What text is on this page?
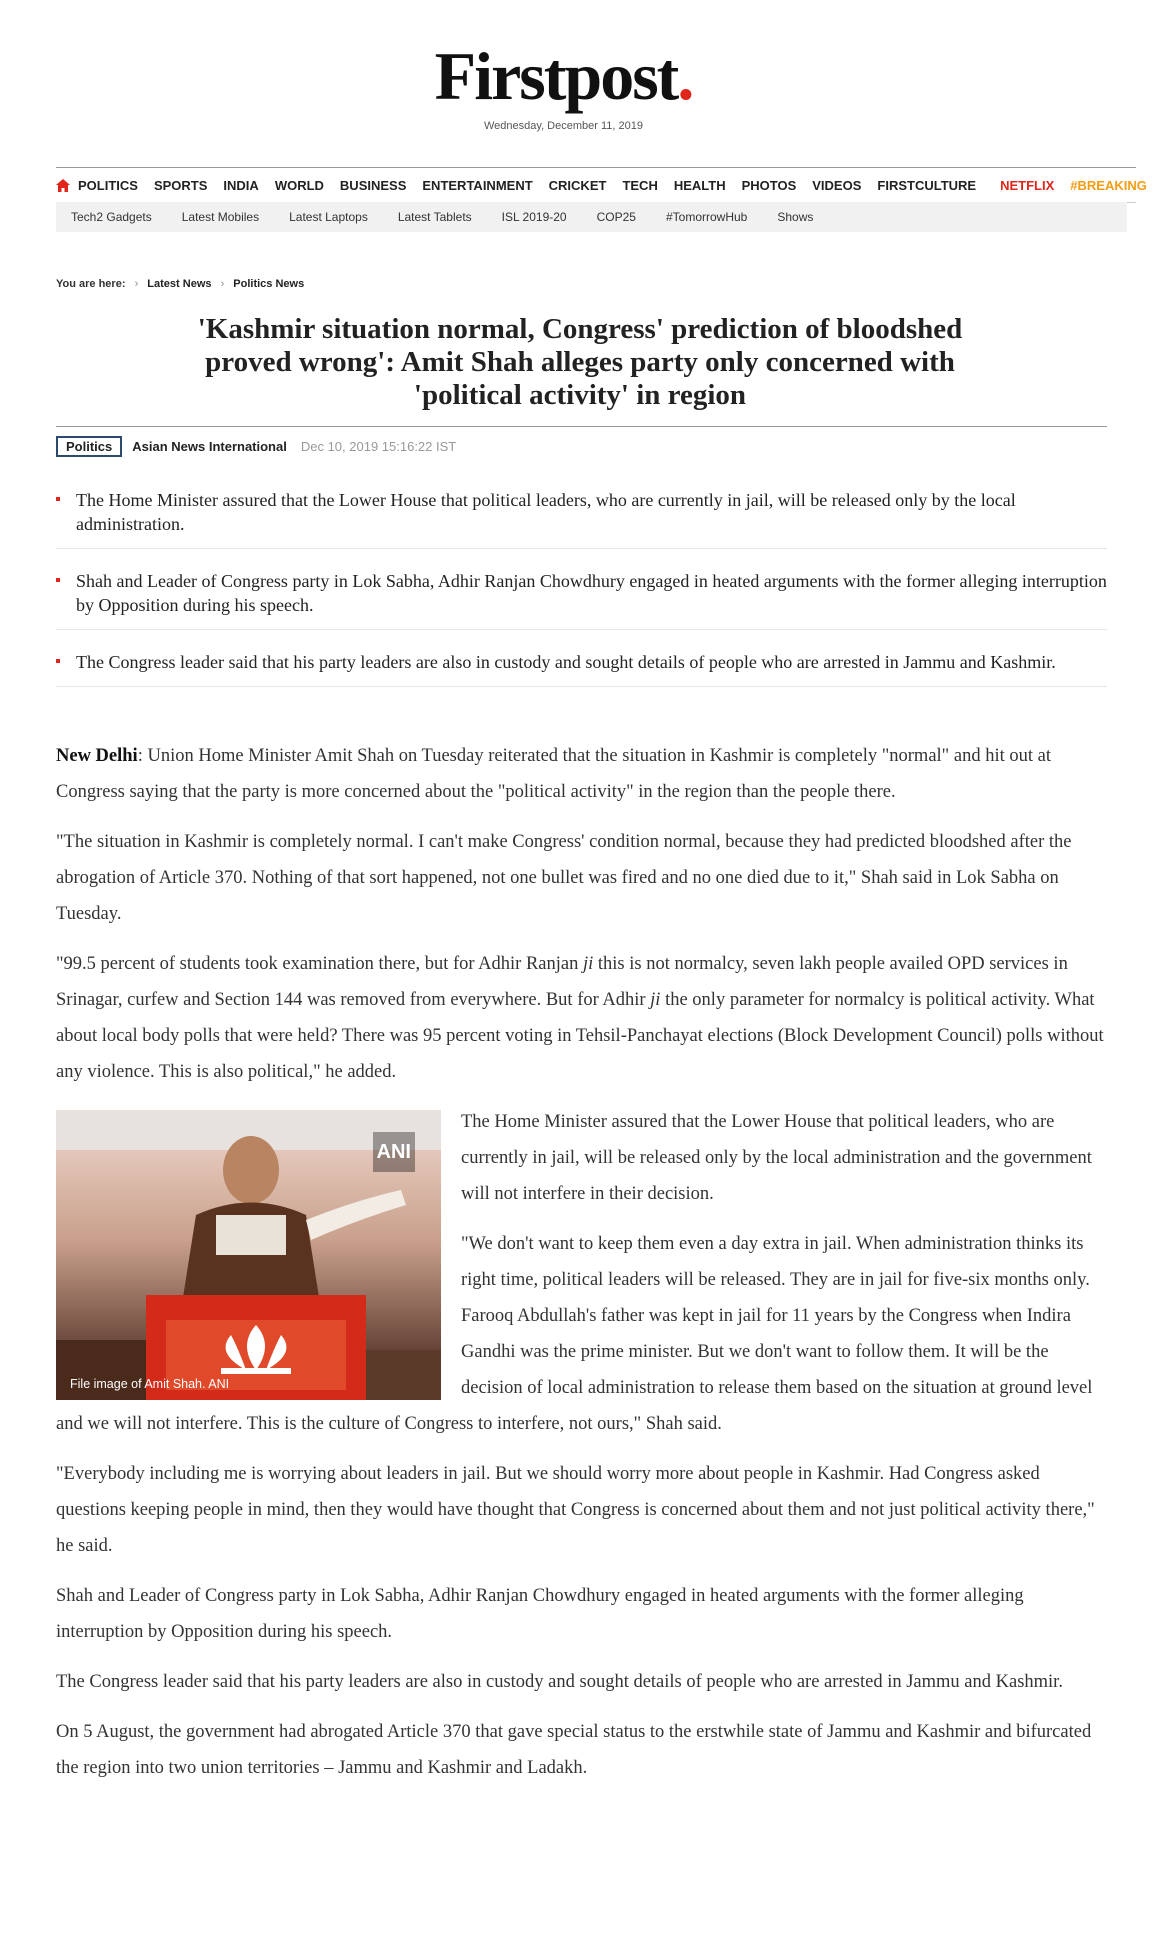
Firstpost.
Wednesday, December 11, 2019
POLITICS	SPORTS	INDIA	WORLD	BUSINESS	ENTERTAINMENT	CRICKET	TECH	HEALTH	PHOTOS	VIDEOS	FIRSTCULTURE	NETFLIX	#BREAKING
Tech2 Gadgets	Latest Mobiles	Latest Laptops	Latest Tablets	ISL 2019-20	COP25	#TomorrowHub	Shows
You are here: › Latest News › Politics News
'Kashmir situation normal, Congress' prediction of bloodshed proved wrong': Amit Shah alleges party only concerned with 'political activity' in region
Politics	Asian News International Dec 10, 2019 15:16:22 IST
The Home Minister assured that the Lower House that political leaders, who are currently in jail, will be released only by the local administration.
Shah and Leader of Congress party in Lok Sabha, Adhir Ranjan Chowdhury engaged in heated arguments with the former alleging interruption by Opposition during his speech.
The Congress leader said that his party leaders are also in custody and sought details of people who are arrested in Jammu and Kashmir.

New Delhi: Union Home Minister Amit Shah on Tuesday reiterated that the situation in Kashmir is completely "normal" and hit out at Congress saying that the party is more concerned about the "political activity" in the region than the people there.

"The situation in Kashmir is completely normal. I can't make Congress' condition normal, because they had predicted bloodshed after the abrogation of Article 370. Nothing of that sort happened, not one bullet was fired and no one died due to it," Shah said in Lok Sabha on Tuesday.

"99.5 percent of students took examination there, but for Adhir Ranjan ji this is not normalcy, seven lakh people availed OPD services in Srinagar, curfew and Section 144 was removed from everywhere. But for Adhir ji the only parameter for normalcy is political activity. What about local body polls that were held? There was 95 percent voting in Tehsil-Panchayat elections (Block Development Council) polls without any violence. This is also political," he added.

ANI
File image of Amit Shah. ANI

The Home Minister assured that the Lower House that political leaders, who are currently in jail, will be released only by the local administration and the government will not interfere in their decision.

"We don't want to keep them even a day extra in jail. When administration thinks its right time, political leaders will be released. They are in jail for five-six months only. Farooq Abdullah's father was kept in jail for 11 years by the Congress when Indira Gandhi was the prime minister. But we don't want to follow them. It will be the decision of local administration to release them based on the situation at ground level and we will not interfere. This is the culture of Congress to interfere, not ours," Shah said.

"Everybody including me is worrying about leaders in jail. But we should worry more about people in Kashmir. Had Congress asked questions keeping people in mind, then they would have thought that Congress is concerned about them and not just political activity there," he said.

Shah and Leader of Congress party in Lok Sabha, Adhir Ranjan Chowdhury engaged in heated arguments with the former alleging interruption by Opposition during his speech.

The Congress leader said that his party leaders are also in custody and sought details of people who are arrested in Jammu and Kashmir.

On 5 August, the government had abrogated Article 370 that gave special status to the erstwhile state of Jammu and Kashmir and bifurcated the region into two union territories – Jammu and Kashmir and Ladakh.
